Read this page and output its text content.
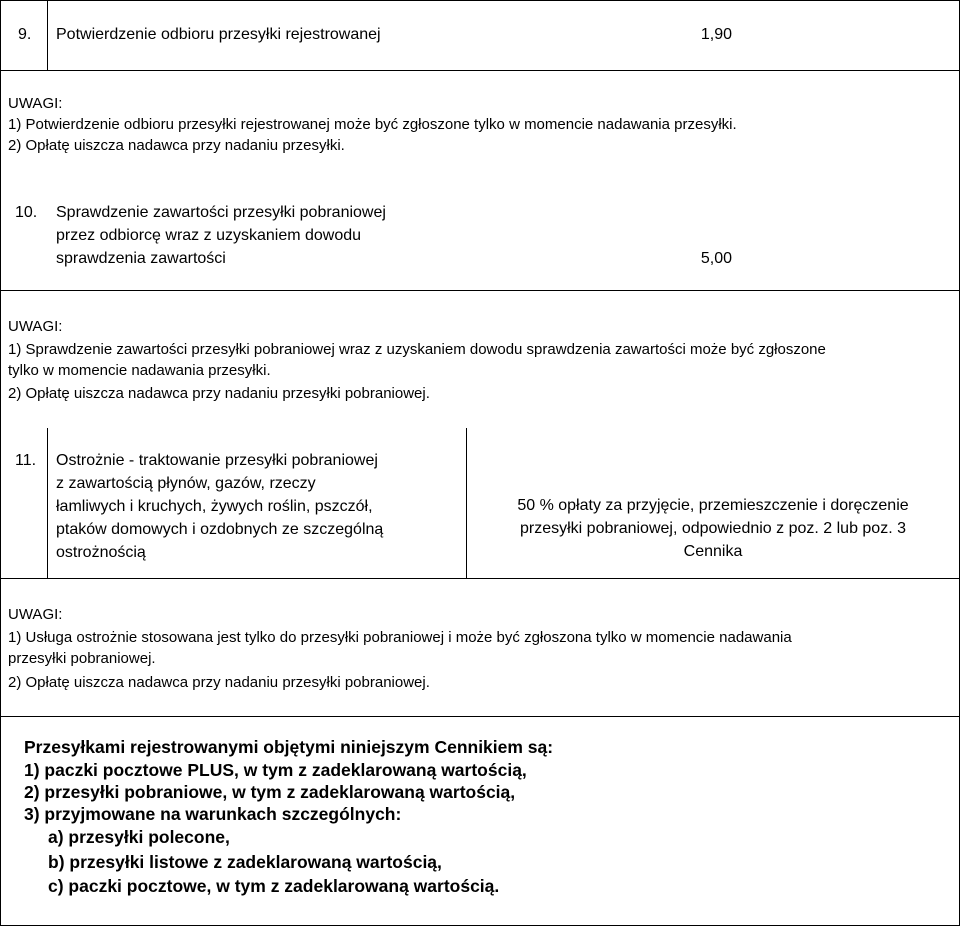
9. Potwierdzenie odbioru przesyłki rejestrowanej	1,90
UWAGI:
1) Potwierdzenie odbioru przesyłki rejestrowanej może być zgłoszone tylko w momencie nadawania przesyłki.
2) Opłatę uiszcza nadawca przy nadaniu przesyłki.
10. Sprawdzenie zawartości przesyłki pobraniowej
przez odbiorcę wraz z uzyskaniem dowodu
sprawdzenia zawartości	5,00
UWAGI:
1) Sprawdzenie zawartości przesyłki pobraniowej wraz z uzyskaniem dowodu sprawdzenia zawartości może być zgłoszone
tylko w momencie nadawania przesyłki.
2) Opłatę uiszcza nadawca przy nadaniu przesyłki pobraniowej.
11. Ostrożnie - traktowanie przesyłki pobraniowej
z zawartością płynów, gazów, rzeczy
łamliwych i kruchych, żywych roślin, pszczół,
ptaków domowych i ozdobnych ze szczególną
ostrożnością
50 % opłaty za przyjęcie, przemieszczenie i doręczenie
przesyłki pobraniowej, odpowiednio z poz. 2 lub poz. 3
Cennika
UWAGI:
1) Usługa ostrożnie stosowana jest tylko do przesyłki pobraniowej i może być zgłoszona tylko w momencie nadawania
przesyłki pobraniowej.
2) Opłatę uiszcza nadawca przy nadaniu przesyłki pobraniowej.
Przesyłkami rejestrowanymi objętymi niniejszym Cennikiem są:
1) paczki pocztowe PLUS, w tym z zadeklarowaną wartością,
2) przesyłki pobraniowe, w tym z zadeklarowaną wartością,
3) przyjmowane na warunkach szczególnych:
a) przesyłki polecone,
b) przesyłki listowe z zadeklarowaną wartością,
c) paczki pocztowe, w tym z zadeklarowaną wartością.
